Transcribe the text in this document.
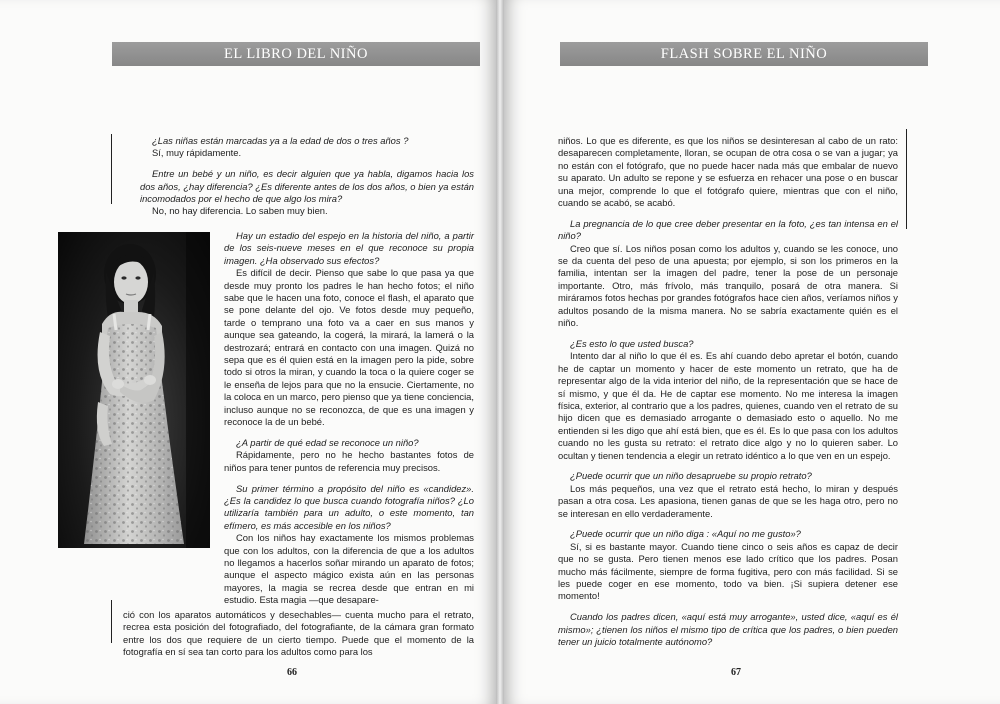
EL LIBRO DEL NIÑO

¿Las niñas están marcadas ya a la edad de dos o tres años ?

Sí, muy rápidamente.

Entre un bebé y un niño, es decir alguien que ya habla, digamos hacia los dos años, ¿hay diferencia? ¿Es diferente antes de los dos años, o bien ya están incomodados por el hecho de que algo los mira?

No, no hay diferencia. Lo saben muy bien.

Hay un estadio del espejo en la historia del niño, a partir de los seis-nueve meses en el que reconoce su propia imagen. ¿Ha observado sus efectos?

Es difícil de decir. Pienso que sabe lo que pasa ya que desde muy pronto los padres le han hecho fotos; el niño sabe que le hacen una foto, conoce el flash, el aparato que se pone delante del ojo. Ve fotos desde muy pequeño, tarde o temprano una foto va a caer en sus manos y aunque sea gateando, la cogerá, la mirará, la lamerá o la destrozará; entrará en contacto con una imagen. Quizá no sepa que es él quien está en la imagen pero la pide, sobre todo si otros la miran, y cuando la toca o la quiere coger se le enseña de lejos para que no la ensucie. Ciertamente, no la coloca en un marco, pero pienso que ya tiene conciencia, incluso aunque no se reconozca, de que es una imagen y reconoce la de un bebé.

¿A partir de qué edad se reconoce un niño?

Rápidamente, pero no he hecho bastantes fotos de niños para tener puntos de referencia muy precisos.

Su primer término a propósito del niño es «candidez». ¿Es la candidez lo que busca cuando fotografía niños? ¿Lo utilizaría también para un adulto, o este momento, tan efímero, es más accesible en los niños?

Con los niños hay exactamente los mismos problemas que con los adultos, con la diferencia de que a los adultos no llegamos a hacerlos soñar mirando un aparato de fotos; aunque el aspecto mágico exista aún en las personas mayores, la magia se recrea desde que entran en mi estudio. Esta magia —que desapare-

ció con los aparatos automáticos y desechables— cuenta mucho para el retrato, recrea esta posición del fotografiado, del fotografiante, de la cámara gran formato entre los dos que requiere de un cierto tiempo. Puede que el momento de la fotografía en sí sea tan corto para los adultos como para los

66
FLASH SOBRE EL NIÑO

niños. Lo que es diferente, es que los niños se desinteresan al cabo de un rato: desaparecen completamente, lloran, se ocupan de otra cosa o se van a jugar; ya no están con el fotógrafo, que no puede hacer nada más que embalar de nuevo su aparato. Un adulto se repone y se esfuerza en rehacer una pose o en buscar una mejor, comprende lo que el fotógrafo quiere, mientras que con el niño, cuando se acabó, se acabó.

La pregnancia de lo que cree deber presentar en la foto, ¿es tan intensa en el niño?

Creo que sí. Los niños posan como los adultos y, cuando se les conoce, uno se da cuenta del peso de una apuesta; por ejemplo, si son los primeros en la familia, intentan ser la imagen del padre, tener la pose de un personaje importante. Otro, más frívolo, más tranquilo, posará de otra manera. Si miráramos fotos hechas por grandes fotógrafos hace cien años, veríamos niños y adultos posando de la misma manera. No se sabría exactamente quién es el niño.

¿Es esto lo que usted busca?

Intento dar al niño lo que él es. Es ahí cuando debo apretar el botón, cuando he de captar un momento y hacer de este momento un retrato, que ha de representar algo de la vida interior del niño, de la representación que se hace de sí mismo, y que él da. He de captar ese momento. No me interesa la imagen física, exterior, al contrario que a los padres, quienes, cuando ven el retrato de su hijo dicen que es demasiado arrogante o demasiado esto o aquello. No me entienden si les digo que ahí está bien, que es él. Es lo que pasa con los adultos cuando no les gusta su retrato: el retrato dice algo y no lo quieren saber. Lo ocultan y tienen tendencia a elegir un retrato idéntico a lo que ven en un espejo.

¿Puede ocurrir que un niño desapruebe su propio retrato?

Los más pequeños, una vez que el retrato está hecho, lo miran y después pasan a otra cosa. Les apasiona, tienen ganas de que se les haga otro, pero no se interesan en ello verdaderamente.

¿Puede ocurrir que un niño diga : «Aquí no me gusto»?

Sí, si es bastante mayor. Cuando tiene cinco o seis años es capaz de decir que no se gusta. Pero tienen menos ese lado crítico que los padres. Posan mucho más fácilmente, siempre de forma fugitiva, pero con más facilidad. Si se les puede coger en ese momento, todo va bien. ¡Si supiera detener ese momento!

Cuando los padres dicen, «aquí está muy arrogante», usted dice, «aquí es él mismo»; ¿tienen los niños el mismo tipo de crítica que los padres, o bien pueden tener un juicio totalmente autónomo?

67
